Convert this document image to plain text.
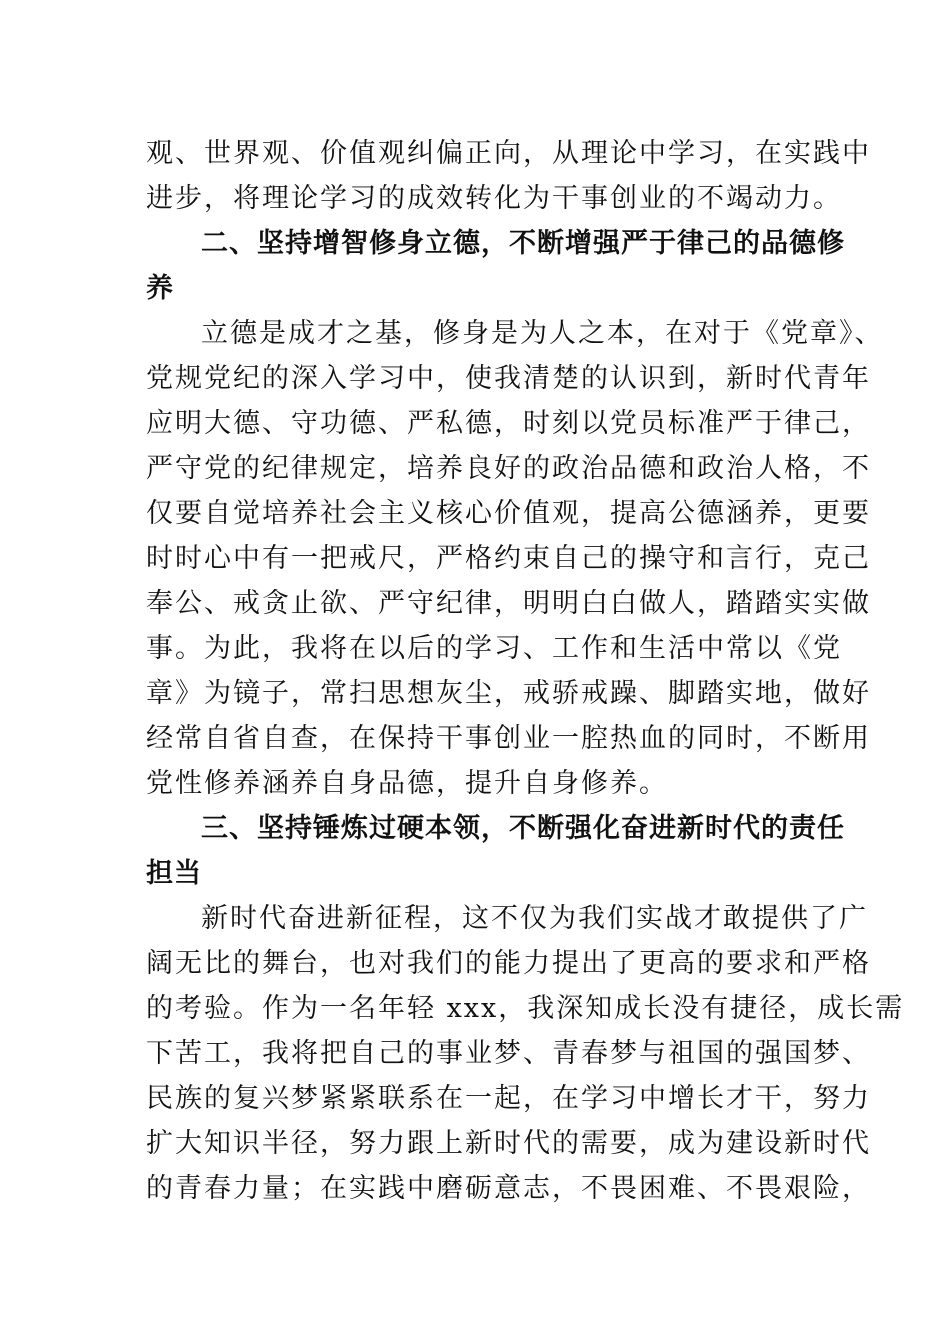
观、世界观、价值观纠偏正向，从理论中学习，在实践中
进步，将理论学习的成效转化为干事创业的不竭动力。
二、坚持增智修身立德，不断增强严于律己的品德修
养
立德是成才之基，修身是为人之本，在对于《党章》、
党规党纪的深入学习中，使我清楚的认识到，新时代青年
应明大德、守功德、严私德，时刻以党员标准严于律己，
严守党的纪律规定，培养良好的政治品德和政治人格，不
仅要自觉培养社会主义核心价值观，提高公德涵养，更要
时时心中有一把戒尺，严格约束自己的操守和言行，克己
奉公、戒贪止欲、严守纪律，明明白白做人，踏踏实实做
事。为此，我将在以后的学习、工作和生活中常以《党
章》为镜子，常扫思想灰尘，戒骄戒躁、脚踏实地，做好
经常自省自查，在保持干事创业一腔热血的同时，不断用
党性修养涵养自身品德，提升自身修养。
三、坚持锤炼过硬本领，不断强化奋进新时代的责任
担当
新时代奋进新征程，这不仅为我们实战才敢提供了广
阔无比的舞台，也对我们的能力提出了更高的要求和严格
的考验。作为一名年轻 xxx，我深知成长没有捷径，成长需
下苦工，我将把自己的事业梦、青春梦与祖国的强国梦、
民族的复兴梦紧紧联系在一起，在学习中增长才干，努力
扩大知识半径，努力跟上新时代的需要，成为建设新时代
的青春力量；在实践中磨砺意志，不畏困难、不畏艰险，
